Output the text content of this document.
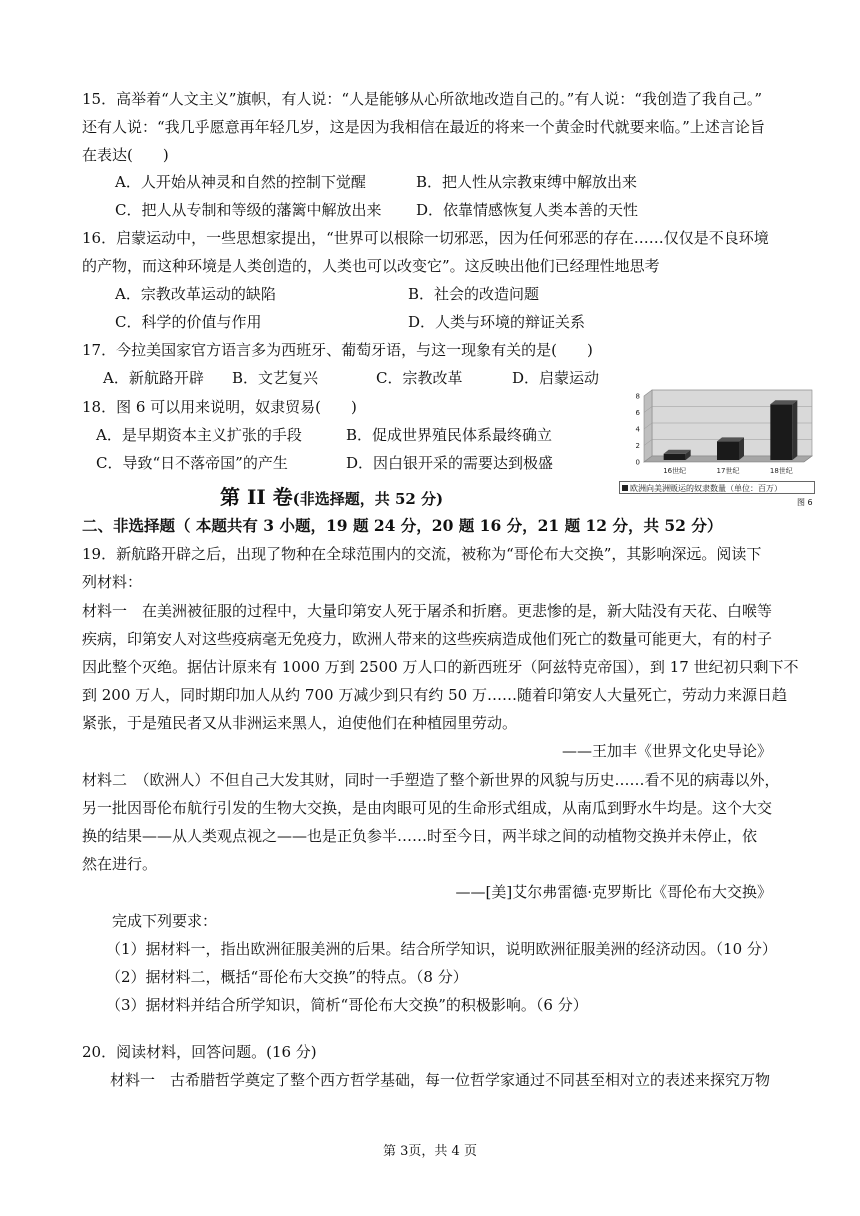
15．高举着“人文主义”旗帜，有人说：“人是能够从心所欲地改造自己的。”有人说：“我创造了我自己。”
还有人说：“我几乎愿意再年轻几岁，这是因为我相信在最近的将来一个黄金时代就要来临。”上述言论旨
在表达(　　)
A．人开始从神灵和自然的控制下觉醒	B．把人性从宗教束缚中解放出来
C．把人从专制和等级的藩篱中解放出来 D．依靠情感恢复人类本善的天性
16．启蒙运动中，一些思想家提出，“世界可以根除一切邪恶，因为任何邪恶的存在……仅仅是不良环境
的产物，而这种环境是人类创造的，人类也可以改变它”。这反映出他们已经理性地思考
A．宗教改革运动的缺陷	B．社会的改造问题
C．科学的价值与作用	D．人类与环境的辩证关系
17．今拉美国家官方语言多为西班牙、葡萄牙语，与这一现象有关的是(　　)
A．新航路开辟 B．文艺复兴	C．宗教改革	D．启蒙运动
18．图 6 可以用来说明，奴隶贸易(　　)
A．是早期资本主义扩张的手段	B．促成世界殖民体系最终确立
C．导致“日不落帝国”的产生	D．因白银开采的需要达到极盛	0
2
4
6
8
16世纪	17世纪	18世纪
欧洲向美洲贩运的奴隶数量（单位：百万）
图 6
第 II 卷(非选择题，共 52 分)
二、非选择题（ 本题共有 3 小题，19 题 24 分，20 题 16 分，21 题 12 分，共 52 分）
19．新航路开辟之后，出现了物种在全球范围内的交流，被称为“哥伦布大交换”，其影响深远。阅读下
列材料：
材料一　在美洲被征服的过程中，大量印第安人死于屠杀和折磨。更悲惨的是，新大陆没有天花、白喉等
疾病，印第安人对这些疫病毫无免疫力，欧洲人带来的这些疾病造成他们死亡的数量可能更大，有的村子
因此整个灭绝。据估计原来有 1000 万到 2500 万人口的新西班牙（阿兹特克帝国），到 17 世纪初只剩下不
到 200 万人，同时期印加人从约 700 万减少到只有约 50 万……随着印第安人大量死亡，劳动力来源日趋
紧张，于是殖民者又从非洲运来黑人，迫使他们在种植园里劳动。
——王加丰《世界文化史导论》
材料二　（欧洲人）不但自己大发其财，同时一手塑造了整个新世界的风貌与历史……看不见的病毒以外，
另一批因哥伦布航行引发的生物大交换，是由肉眼可见的生命形式组成，从南瓜到野水牛均是。这个大交
换的结果——从人类观点视之——也是正负参半……时至今日，两半球之间的动植物交换并未停止，依
然在进行。
——[美]艾尔弗雷德·克罗斯比《哥伦布大交换》
完成下列要求：
（1）据材料一，指出欧洲征服美洲的后果。结合所学知识，说明欧洲征服美洲的经济动因。（10 分）
（2）据材料二，概括“哥伦布大交换”的特点。（8 分）
（3）据材料并结合所学知识，简析“哥伦布大交换”的积极影响。（6 分）
20．阅读材料，回答问题。(16 分)
材料一　古希腊哲学奠定了整个西方哲学基础，每一位哲学家通过不同甚至相对立的表述来探究万物
第 3页，共 4 页
